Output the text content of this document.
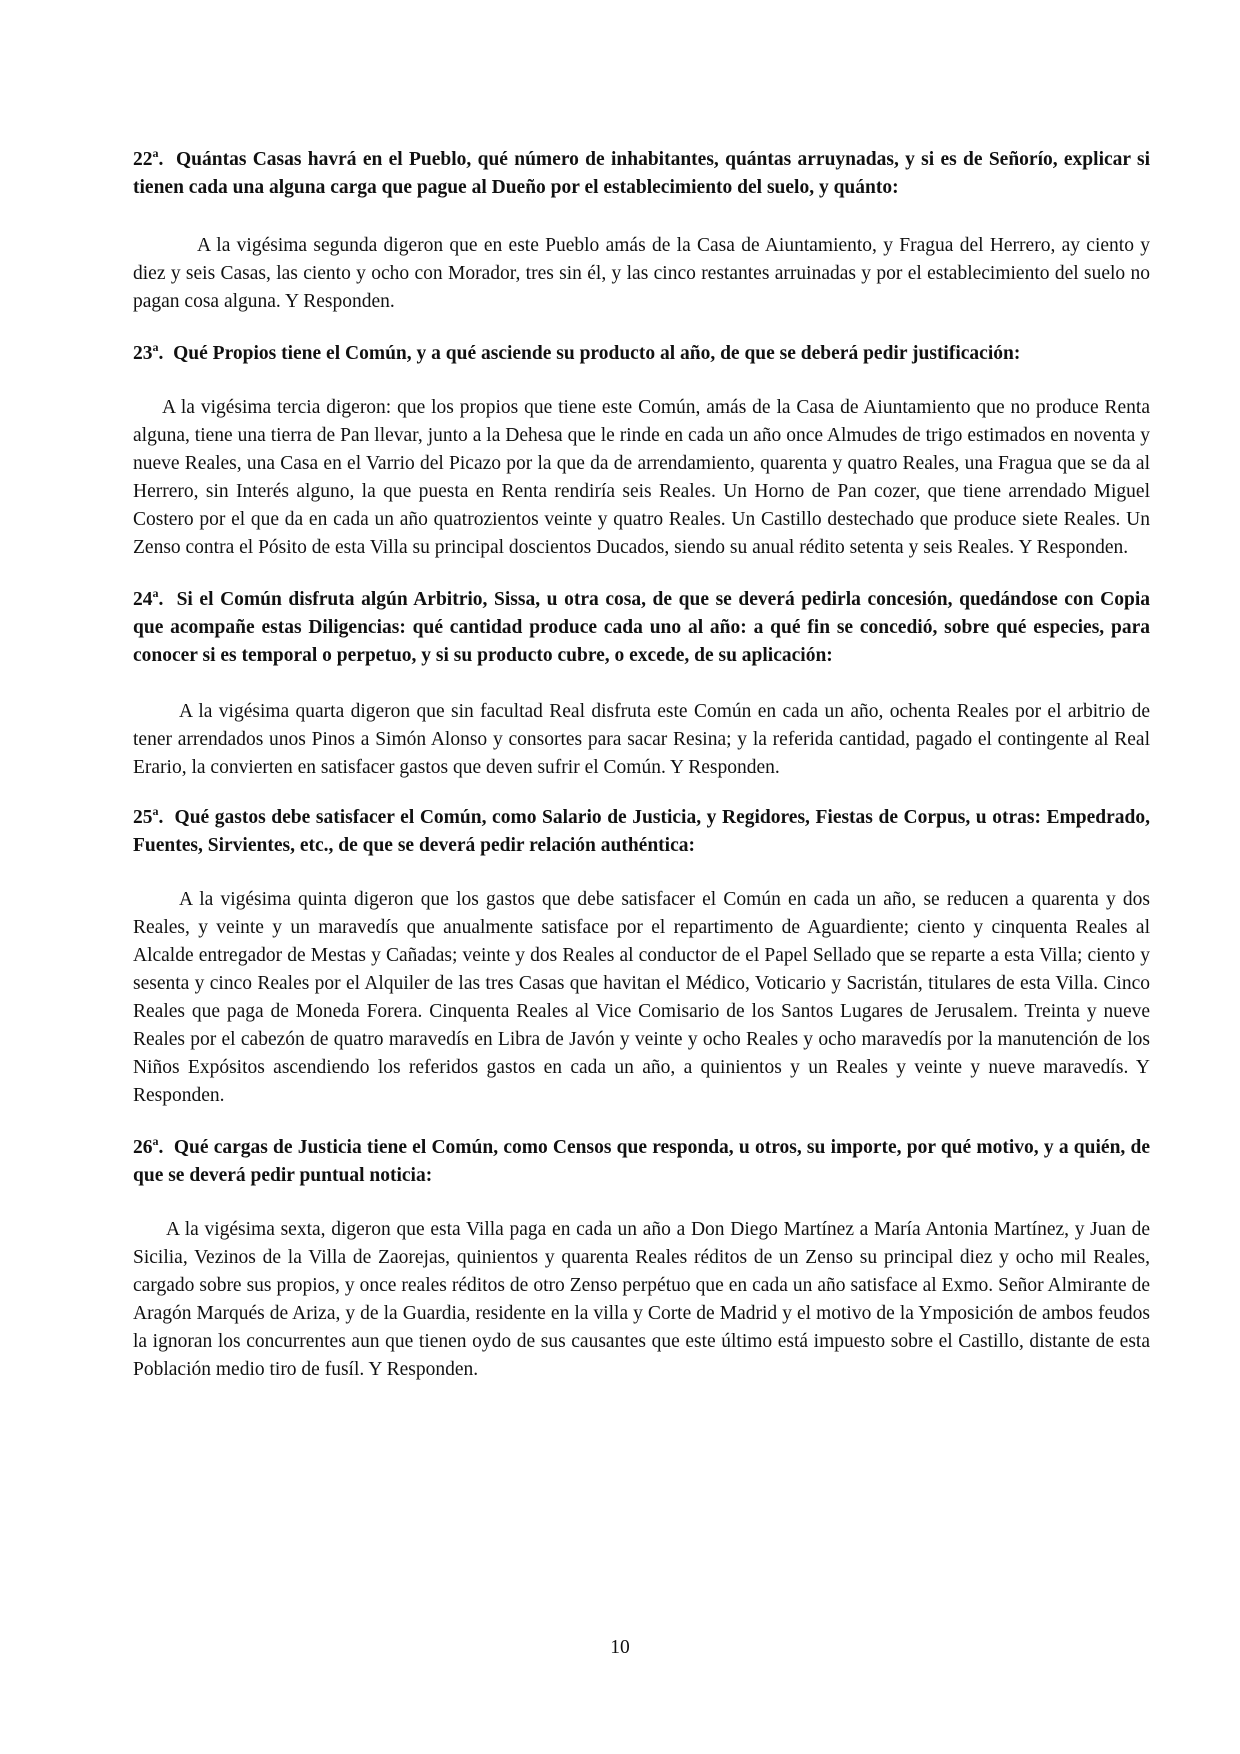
22$^a$.  Quántas Casas havrá en el Pueblo, qué número de inhabitantes, quántas arruynadas, y si es de Señorío, explicar si tienen cada una alguna carga que pague al Dueño por el establecimiento del suelo, y quánto:

A la vigésima segunda digeron que en este Pueblo amás de la Casa de Aiuntamiento, y Fragua del Herrero, ay ciento y diez y seis Casas, las ciento y ocho con Morador, tres sin él, y las cinco restantes arruinadas y por el establecimiento del suelo no pagan cosa alguna. Y Responden.

23$^a$.  Qué Propios tiene el Común, y a qué asciende su producto al año, de que se deberá pedir justificación:

A la vigésima tercia digeron: que los propios que tiene este Común, amás de la Casa de Aiuntamiento que no produce Renta alguna, tiene una tierra de Pan llevar, junto a la Dehesa que le rinde en cada un año once Almudes de trigo estimados en noventa y nueve Reales, una Casa en el Varrio del Picazo por la que da de arrendamiento, quarenta y quatro Reales, una Fragua que se da al Herrero, sin Interés alguno, la que puesta en Renta rendiría seis Reales. Un Horno de Pan cozer, que tiene arrendado Miguel Costero por el que da en cada un año quatrozientos veinte y quatro Reales. Un Castillo destechado que produce siete Reales. Un Zenso contra el Pósito de esta Villa su principal doscientos Ducados, siendo su anual rédito setenta y seis Reales. Y Responden.

24$^a$.  Si el Común disfruta algún Arbitrio, Sissa, u otra cosa, de que se deverá pedirla concesión, quedándose con Copia que acompañe estas Diligencias: qué cantidad produce cada uno al año: a qué fin se concedió, sobre qué especies, para conocer si es temporal o perpetuo, y si su producto cubre, o excede, de su aplicación:

A la vigésima quarta digeron que sin facultad Real disfruta este Común en cada un año, ochenta Reales por el arbitrio de tener arrendados unos Pinos a Simón Alonso y consortes para sacar Resina; y la referida cantidad, pagado el contingente al Real Erario, la convierten en satisfacer gastos que deven sufrir el Común. Y Responden.

25$^a$.  Qué gastos debe satisfacer el Común, como Salario de Justicia, y Regidores, Fiestas de Corpus, u otras: Empedrado, Fuentes, Sirvientes, etc., de que se deverá pedir relación authéntica:

A la vigésima quinta digeron que los gastos que debe satisfacer el Común en cada un año, se reducen a quarenta y dos Reales, y veinte y un maravedís que anualmente satisface por el repartimento de Aguardiente; ciento y cinquenta Reales al Alcalde entregador de Mestas y Cañadas; veinte y dos Reales al conductor de el Papel Sellado que se reparte a esta Villa; ciento y sesenta y cinco Reales por el Alquiler de las tres Casas que havitan el Médico, Voticario y Sacristán, titulares de esta Villa. Cinco Reales que paga de Moneda Forera. Cinquenta Reales al Vice Comisario de los Santos Lugares de Jerusalem. Treinta y nueve Reales por el cabezón de quatro maravedís en Libra de Javón y veinte y ocho Reales y ocho maravedís por la manutención de los Niños Expósitos ascendiendo los referidos gastos en cada un año, a quinientos y un Reales y veinte y nueve maravedís. Y Responden.

26$^a$.  Qué cargas de Justicia tiene el Común, como Censos que responda, u otros, su importe, por qué motivo, y a quién, de que se deverá pedir puntual noticia:

A la vigésima sexta, digeron que esta Villa paga en cada un año a Don Diego Martínez a María Antonia Martínez, y Juan de Sicilia, Vezinos de la Villa de Zaorejas, quinientos y quarenta Reales réditos de un Zenso su principal diez y ocho mil Reales, cargado sobre sus propios, y once reales réditos de otro Zenso perpétuo que en cada un año satisface al Exmo. Señor Almirante de Aragón Marqués de Ariza, y de la Guardia, residente en la villa y Corte de Madrid y el motivo de la Ymposición de ambos feudos la ignoran los concurrentes aun que tienen oydo de sus causantes que este último está impuesto sobre el Castillo, distante de esta Población medio tiro de fusíl. Y Responden.

10
